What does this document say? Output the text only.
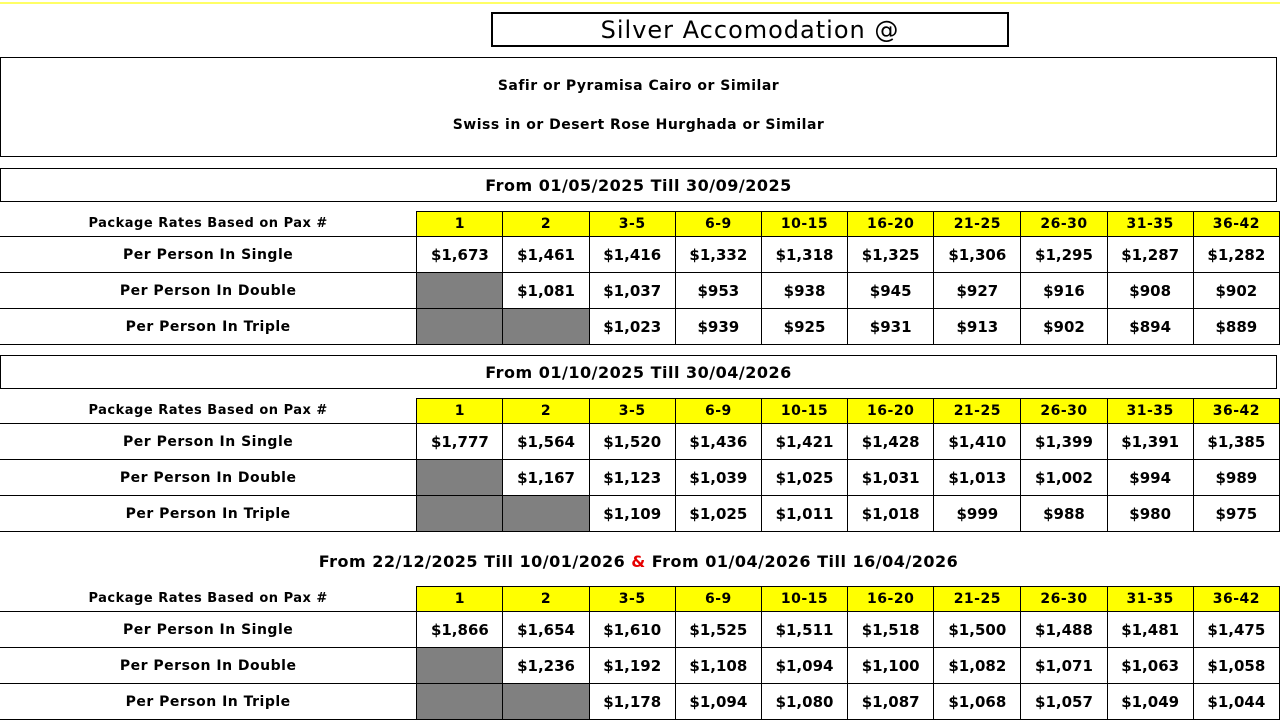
Silver Accomodation @
Safir or Pyramisa Cairo or Similar
Swiss in or Desert Rose Hurghada or Similar
From 01/05/2025 Till 30/09/2025
Package Rates Based on Pax #	1	2	3-5	6-9	10-15	16-20	21-25	26-30	31-35	36-42
Per Person In Single	$1,673	$1,461	$1,416	$1,332	$1,318	$1,325	$1,306	$1,295	$1,287	$1,282
Per Person In Double		$1,081	$1,037	$953	$938	$945	$927	$916	$908	$902
Per Person In Triple			$1,023	$939	$925	$931	$913	$902	$894	$889
From 01/10/2025 Till 30/04/2026
Package Rates Based on Pax #	1	2	3-5	6-9	10-15	16-20	21-25	26-30	31-35	36-42
Per Person In Single	$1,777	$1,564	$1,520	$1,436	$1,421	$1,428	$1,410	$1,399	$1,391	$1,385
Per Person In Double		$1,167	$1,123	$1,039	$1,025	$1,031	$1,013	$1,002	$994	$989
Per Person In Triple			$1,109	$1,025	$1,011	$1,018	$999	$988	$980	$975
From 22/12/2025 Till 10/01/2026 & From 01/04/2026 Till 16/04/2026
Package Rates Based on Pax #	1	2	3-5	6-9	10-15	16-20	21-25	26-30	31-35	36-42
Per Person In Single	$1,866	$1,654	$1,610	$1,525	$1,511	$1,518	$1,500	$1,488	$1,481	$1,475
Per Person In Double		$1,236	$1,192	$1,108	$1,094	$1,100	$1,082	$1,071	$1,063	$1,058
Per Person In Triple			$1,178	$1,094	$1,080	$1,087	$1,068	$1,057	$1,049	$1,044
